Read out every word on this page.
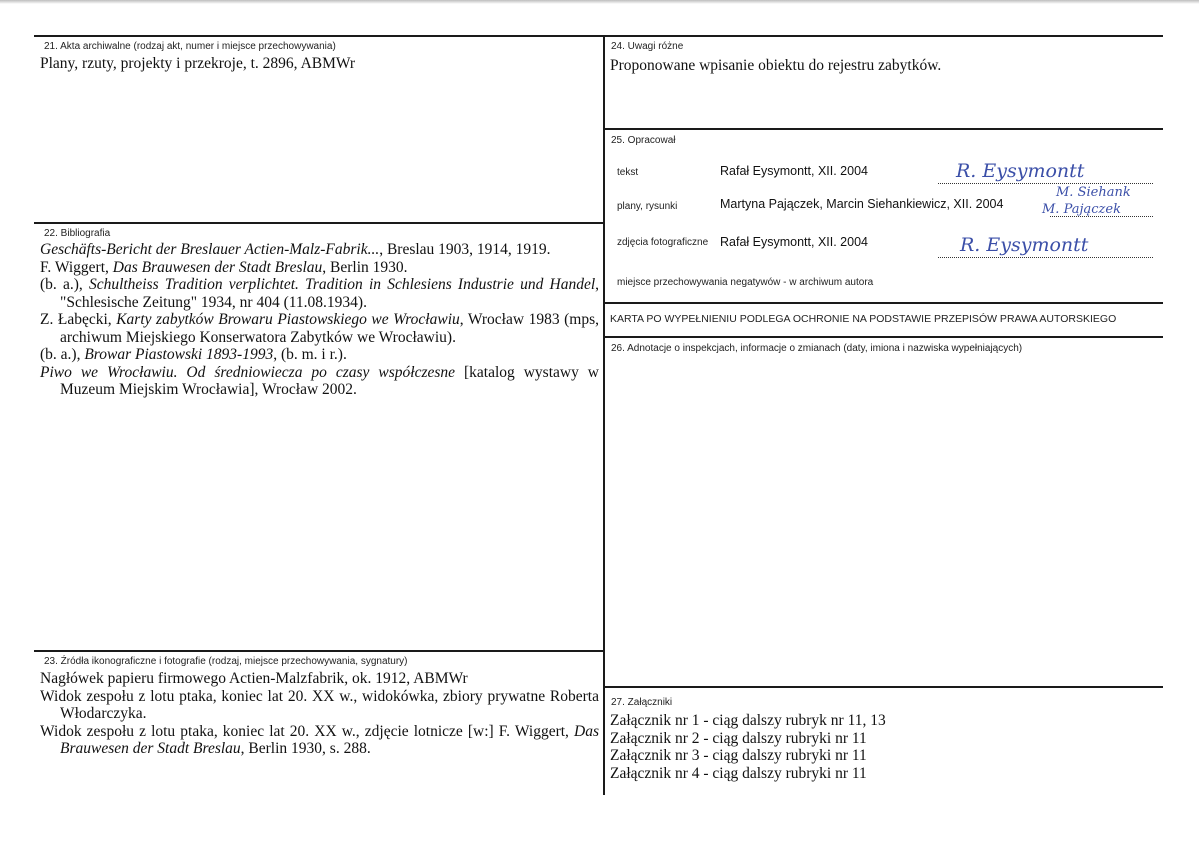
21. Akta archiwalne (rodzaj akt, numer i miejsce przechowywania)
Plany, rzuty, projekty i przekroje, t. 2896, ABMWr
22. Bibliografia

Geschäfts-Bericht der Breslauer Actien-Malz-Fabrik..., Breslau 1903, 1914, 1919.

F. Wiggert, Das Brauwesen der Stadt Breslau, Berlin 1930.

(b. a.), Schultheiss Tradition verplichtet. Tradition in Schlesiens Industrie und Handel, "Schlesische Zeitung" 1934, nr 404 (11.08.1934).

Z. Łabęcki, Karty zabytków Browaru Piastowskiego we Wrocławiu, Wrocław 1983 (mps, archiwum Miejskiego Konserwatora Zabytków we Wrocławiu).

(b. a.), Browar Piastowski 1893-1993, (b. m. i r.).

Piwo we Wrocławiu. Od średniowiecza po czasy współczesne [katalog wystawy w Muzeum Miejskim Wrocławia], Wrocław 2002.

23. Źródła ikonograficzne i fotografie (rodzaj, miejsce przechowywania, sygnatury)

Nagłówek papieru firmowego Actien-Malzfabrik, ok. 1912, ABMWr

Widok zespołu z lotu ptaka, koniec lat 20. XX w., widokówka, zbiory prywatne Roberta Włodarczyka.

Widok zespołu z lotu ptaka, koniec lat 20. XX w., zdjęcie lotnicze [w:] F. Wiggert, Das Brauwesen der Stadt Breslau, Berlin 1930, s. 288.

24. Uwagi różne
Proponowane wpisanie obiektu do rejestru zabytków.
25. Opracował
tekst	Rafał Eysymontt, XII. 2004
plany, rysunki	Martyna Pajączek, Marcin Siehankiewicz, XII. 2004
zdjęcia fotograficzne Rafał Eysymontt, XII. 2004
miejsce przechowywania negatywów - w archiwum autora
R. Eysymontt
M. Siehank
M. Pajączek
R. Eysymontt
KARTA PO WYPEŁNIENIU PODLEGA OCHRONIE NA PODSTAWIE PRZEPISÓW PRAWA AUTORSKIEGO
26. Adnotacje o inspekcjach, informacje o zmianach (daty, imiona i nazwiska wypełniających)
27. Załączniki
Załącznik nr 1 - ciąg dalszy rubryk nr 11, 13
Załącznik nr 2 - ciąg dalszy rubryki nr 11
Załącznik nr 3 - ciąg dalszy rubryki nr 11
Załącznik nr 4 - ciąg dalszy rubryki nr 11
